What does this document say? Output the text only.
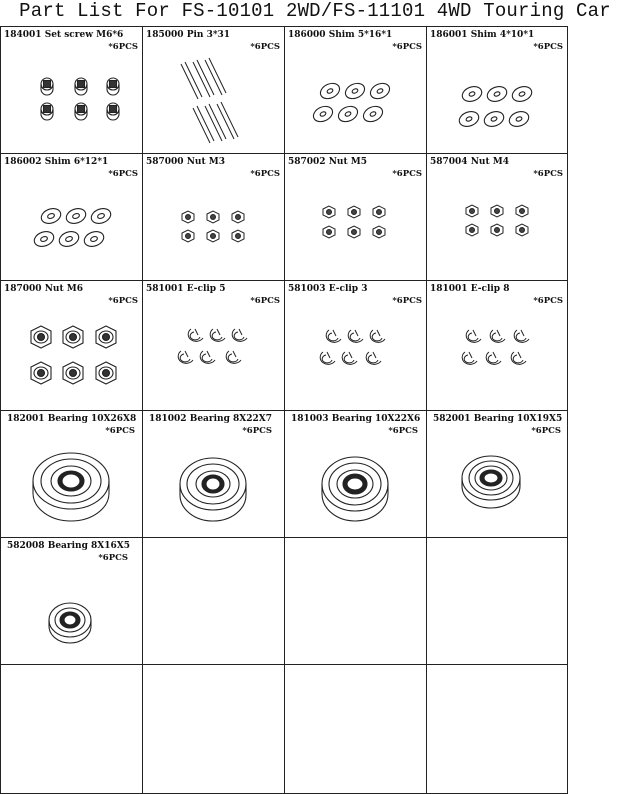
Part List For FS-10101 2WD/FS-11101 4WD Touring Car
184001 Set screw M6*6
*6PCS
185000 Pin 3*31
*6PCS
186000 Shim 5*16*1
*6PCS
186001 Shim 4*10*1
*6PCS
186002 Shim 6*12*1
*6PCS
587000 Nut M3
*6PCS
587002 Nut M5
*6PCS
587004 Nut M4
*6PCS
187000 Nut M6
*6PCS
581001 E-clip 5
*6PCS
581003 E-clip 3
*6PCS
181001 E-clip 8
*6PCS
182001 Bearing 10X26X8
*6PCS
181002 Bearing 8X22X7
*6PCS
181003 Bearing 10X22X6
*6PCS
582001 Bearing 10X19X5
*6PCS
582008 Bearing 8X16X5
*6PCS
